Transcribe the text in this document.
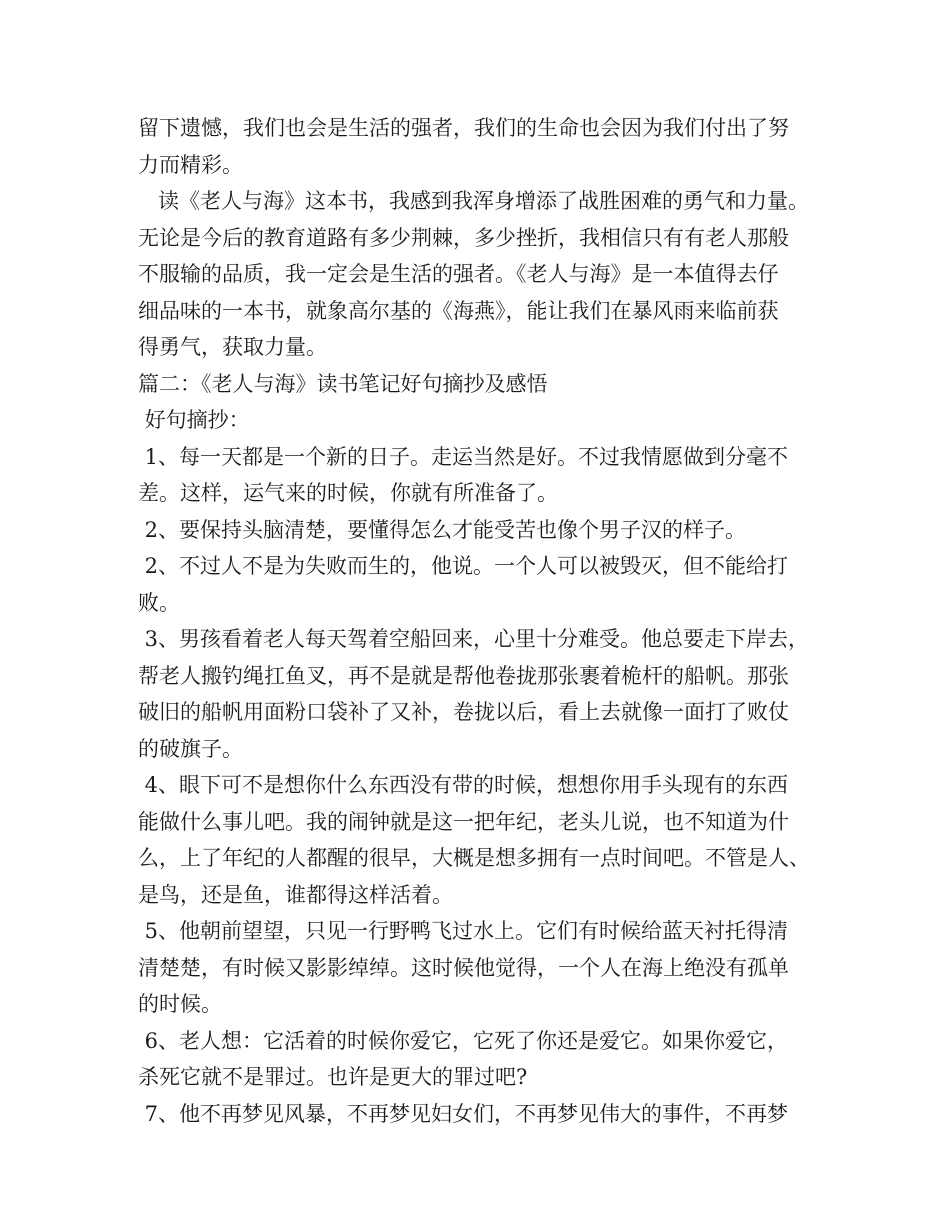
留下遗憾，我们也会是生活的强者，我们的生命也会因为我们付出了努
力而精彩。
读《老人与海》这本书，我感到我浑身增添了战胜困难的勇气和力量。
无论是今后的教育道路有多少荆棘，多少挫折，我相信只有有老人那般
不服输的品质，我一定会是生活的强者。《老人与海》是一本值得去仔
细品味的一本书，就象高尔基的《海燕》，能让我们在暴风雨来临前获
得勇气，获取力量。
篇二：《老人与海》读书笔记好句摘抄及感悟
好句摘抄：
1、每一天都是一个新的日子。走运当然是好。不过我情愿做到分毫不
差。这样，运气来的时候，你就有所准备了。
2、要保持头脑清楚，要懂得怎么才能受苦也像个男子汉的样子。
2、不过人不是为失败而生的，他说。一个人可以被毁灭，但不能给打
败。
3、男孩看着老人每天驾着空船回来，心里十分难受。他总要走下岸去，
帮老人搬钓绳扛鱼叉，再不是就是帮他卷拢那张裹着桅杆的船帆。那张
破旧的船帆用面粉口袋补了又补，卷拢以后，看上去就像一面打了败仗
的破旗子。
4、眼下可不是想你什么东西没有带的时候，想想你用手头现有的东西
能做什么事儿吧。我的闹钟就是这一把年纪，老头儿说，也不知道为什
么，上了年纪的人都醒的很早，大概是想多拥有一点时间吧。不管是人、
是鸟，还是鱼，谁都得这样活着。
5、他朝前望望，只见一行野鸭飞过水上。它们有时候给蓝天衬托得清
清楚楚，有时候又影影绰绰。这时候他觉得，一个人在海上绝没有孤单
的时候。
6、老人想：它活着的时候你爱它，它死了你还是爱它。如果你爱它，
杀死它就不是罪过。也许是更大的罪过吧?
7、他不再梦见风暴，不再梦见妇女们，不再梦见伟大的事件，不再梦
